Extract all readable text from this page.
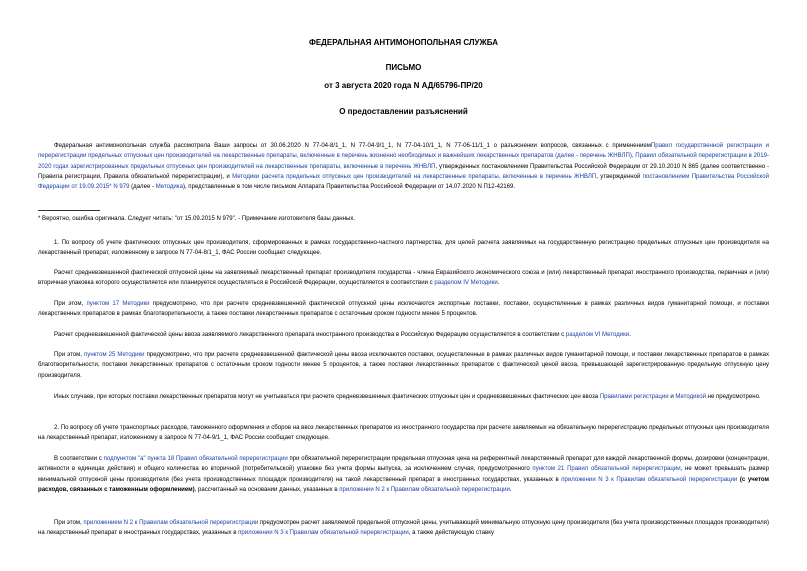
ФЕДЕРАЛЬНАЯ АНТИМОНОПОЛЬНАЯ СЛУЖБА
ПИСЬМО
от 3 августа 2020 года N АД/65796-ПР/20
О предоставлении разъяснений
Федеральная антимонопольная служба рассмотрела Ваши запросы от 30.06.2020 N 77-04-8/1_1, N 77-04-9/1_1, N 77-04-10/1_1, N 77-06-11/1_1 о разъяснении вопросов, связанных с применениемПравил государственной регистрации и перерегистрации предельных отпускных цен производителей на лекарственные препараты, включенные в перечень жизненно необходимых и важнейших лекарственных препаратов (далее - перечень ЖНВЛП), Правил обязательной перерегистрации в 2019-2020 годах зарегистрированных предельных отпускных цен производителей на лекарственные препараты, включенные в перечень ЖНВЛП, утвержденных постановлением Правительства Российской Федерации от 29.10.2010 N 865 (далее соответственно - Правила регистрации, Правила обязательной перерегистрации), и Методики расчета предельных отпускных цен производителей на лекарственные препараты, включенные в перечень ЖНВЛП, утвержденной постановлением Правительства Российской Федерации от 19.09.2015* N 979 (далее - Методика), представленные в том числе письмом Аппарата Правительства Российской Федерации от 14.07.2020 N П12-42169.
* Вероятно, ошибка оригинала. Следует читать: "от 15.09.2015 N 979". - Примечание изготовителя базы данных.
1. По вопросу об учете фактических отпускных цен производителя, сформированных в рамках государственно-частного партнерства, для целей расчета заявляемых на государственную регистрацию предельных отпускных цен производителя на лекарственный препарат, изложенному в запросе N 77-04-8/1_1, ФАС России сообщает следующее.
Расчет средневзвешенной фактической отпускной цены на заявляемый лекарственный препарат производителя государства - члена Евразийского экономического союза и (или) лекарственный препарат иностранного производства, первичная и (или) вторичная упаковка которого осуществляется или планируется осуществляться в Российской Федерации, осуществляется в соответствии с разделом IV Методики.
При этом, пунктом 17 Методики предусмотрено, что при расчете средневзвешенной фактической отпускной цены исключаются экспортные поставки, поставки, осуществленные в рамках различных видов гуманитарной помощи, и поставки лекарственных препаратов в рамках благотворительности, а также поставки лекарственных препаратов с остаточным сроком годности менее 5 процентов.
Расчет средневзвешенной фактической цены ввоза заявляемого лекарственного препарата иностранного производства в Российскую Федерацию осуществляется в соответствии с разделом VI Методики.
При этом, пунктом 25 Методики предусмотрено, что при расчете средневзвешенной фактической цены ввоза исключаются поставки, осуществленные в рамках различных видов гуманитарной помощи, и поставки лекарственных препаратов в рамках благотворительности, поставки лекарственных препаратов с остаточным сроком годности менее 5 процентов, а также поставки лекарственных препаратов с фактической ценой ввоза, превышающей зарегистрированную предельную отпускную цену производителя.
Иных случаев, при которых поставки лекарственных препаратов могут не учитываться при расчете средневзвешенных фактических отпускных цен и средневзвешенных фактических цен ввоза Правилами регистрации и Методикой не предусмотрено.
2. По вопросу об учете транспортных расходов, таможенного оформления и сборов на ввоз лекарственных препаратов из иностранного государства при расчете заявляемых на обязательную перерегистрацию предельных отпускных цен производителя на лекарственный препарат, изложенному в запросе N 77-04-9/1_1, ФАС России сообщает следующее.
В соответствии с подпунктом "а" пункта 18 Правил обязательной перерегистрации при обязательной перерегистрации предельная отпускная цена на референтный лекарственный препарат для каждой лекарственной формы, дозировки (концентрации, активности в единицах действия) и общего количества во вторичной (потребительской) упаковке без учета формы выпуска, за исключением случая, предусмотренного пунктом 21 Правил обязательной перерегистрации, не может превышать размер минимальной отпускной цены производителя (без учета производственных площадок производителя) на такой лекарственный препарат в иностранных государствах, указанных в приложении N 3 к Правилам обязательной перерегистрации (с учетом расходов, связанных с таможенным оформлением), рассчитанный на основании данных, указанных в приложении N 2 к Правилам обязательной перерегистрации.
При этом, приложением N 2 к Правилам обязательной перерегистрации предусмотрен расчет заявляемой предельной отпускной цены, учитывающий минимальную отпускную цену производителя (без учета производственных площадок производителя) на лекарственный препарат в иностранных государствах, указанных в приложении N 3 к Правилам обязательной перерегистрации, а также действующую ставку
